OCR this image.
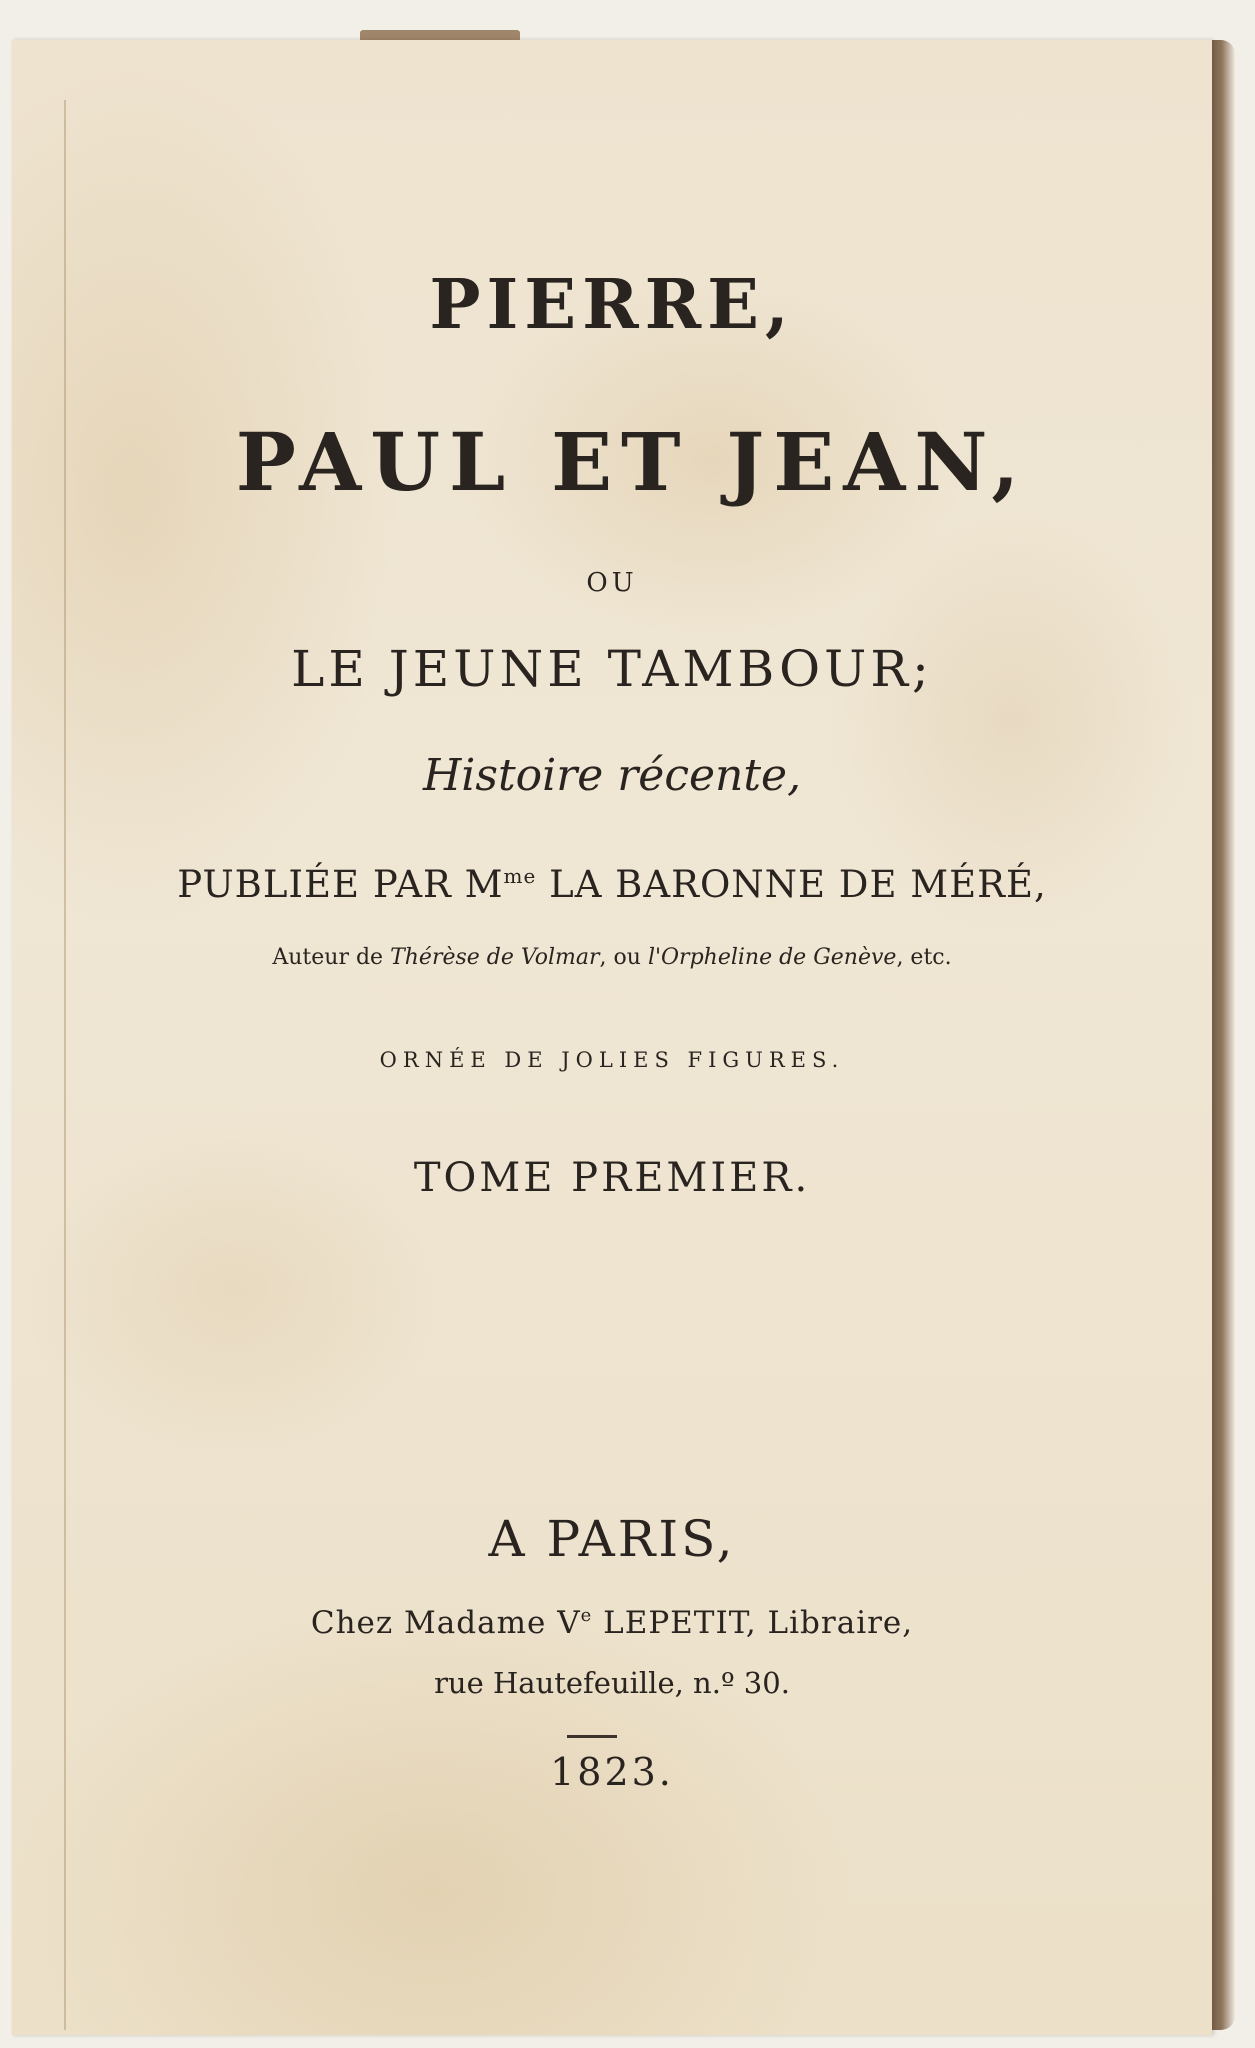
PIERRE,
PAUL ET JEAN,
OU
LE JEUNE TAMBOUR;
Histoire récente,
PUBLIÉE PAR $M^{me}$ LA BARONNE DE MÉRÉ,
Auteur de Thérèse de Volmar, ou l'Orpheline de Genève, etc.
ORNÉE DE JOLIES FIGURES.
TOME PREMIER.
A PARIS,
Chez Madame Ve LEPETIT, Libraire,
rue Hautefeuille, n.º 30.
1823.
